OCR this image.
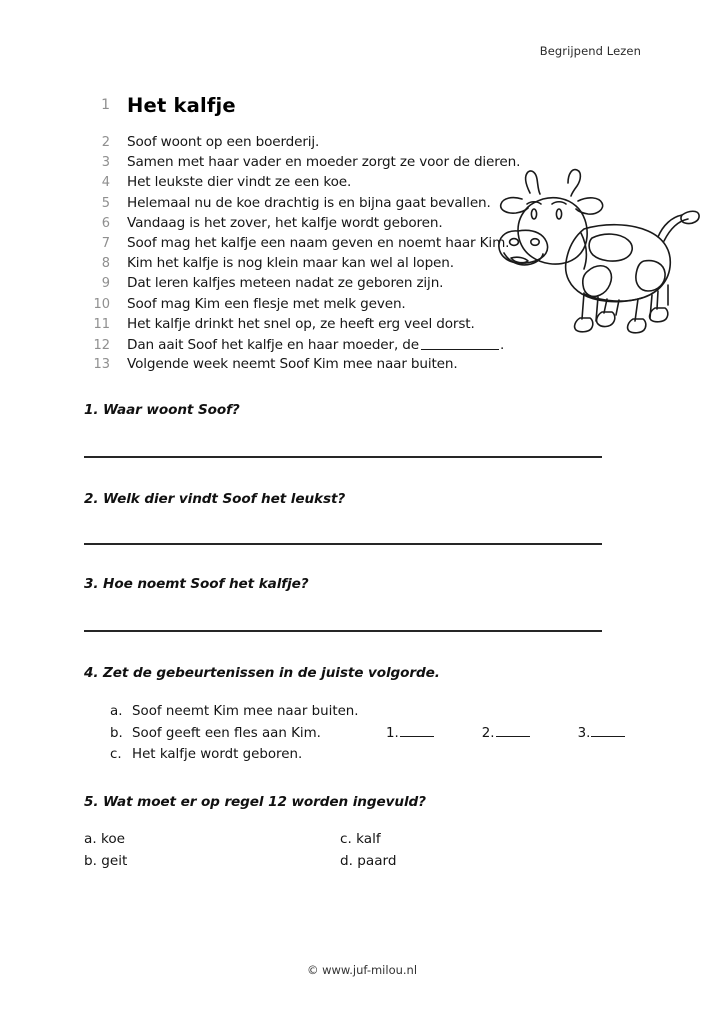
Begrijpend Lezen
1 Het kalfje
2	Soof woont op een boerderij.
3	Samen met haar vader en moeder zorgt ze voor de dieren.
4	Het leukste dier vindt ze een koe.
5	Helemaal nu de koe drachtig is en bijna gaat bevallen.
6	Vandaag is het zover, het kalfje wordt geboren.
7	Soof mag het kalfje een naam geven en noemt haar Kim.
8	Kim het kalfje is nog klein maar kan wel al lopen.
9	Dat leren kalfjes meteen nadat ze geboren zijn.
10	Soof mag Kim een flesje met melk geven.
11	Het kalfje drinkt het snel op, ze heeft erg veel dorst.
12	Dan aait Soof het kalfje en haar moeder, de	.
13	Volgende week neemt Soof Kim mee naar buiten.
1. Waar woont Soof?
2. Welk dier vindt Soof het leukst?
3. Hoe noemt Soof het kalfje?
4. Zet de gebeurtenissen in de juiste volgorde.
a. Soof neemt Kim mee naar buiten.
b. Soof geeft een fles aan Kim.
c. Het kalfje wordt geboren.
1.	2.	3.
5. Wat moet er op regel 12 worden ingevuld?
a. koe	c. kalf
b. geit	d. paard
© www.juf-milou.nl
